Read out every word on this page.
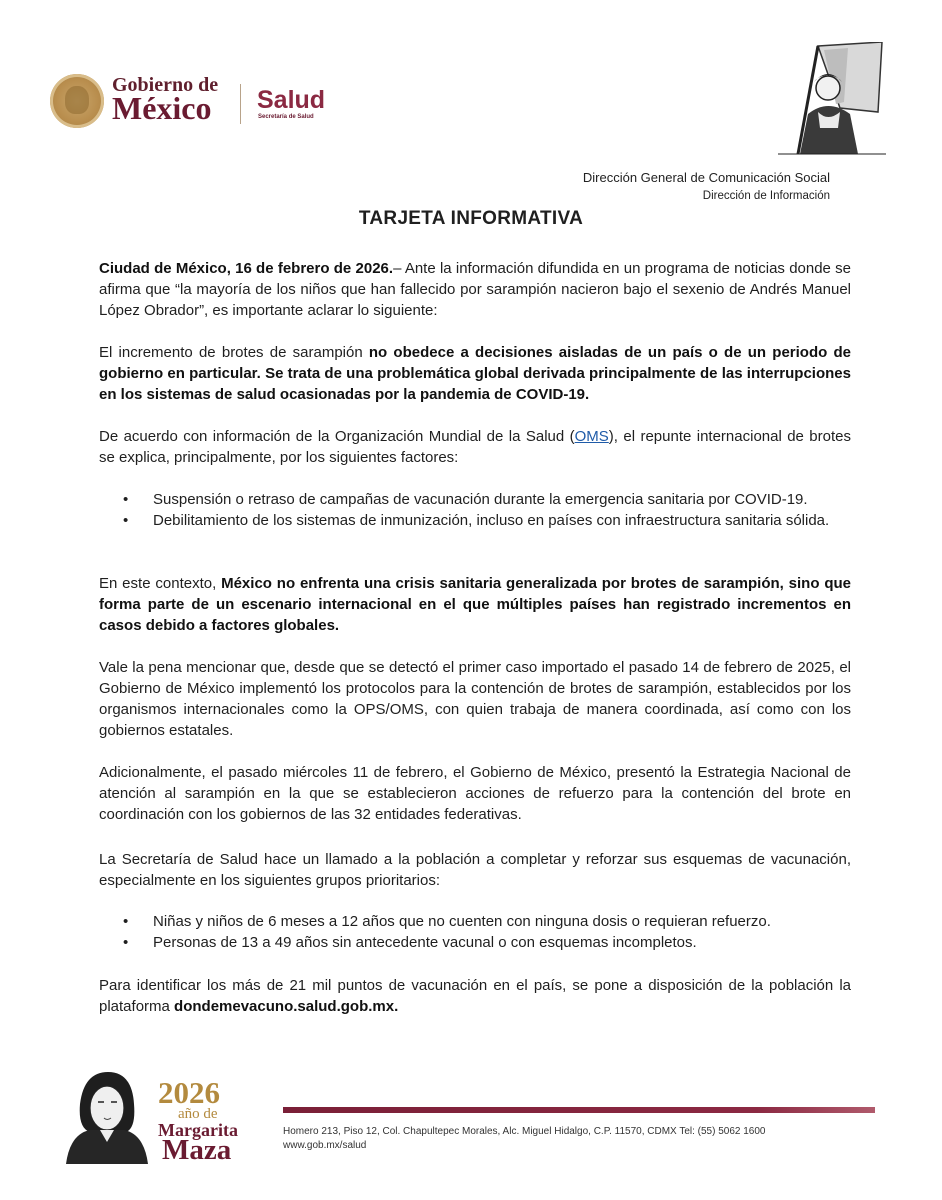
Gobierno de
México Salud
Secretaría de Salud
Dirección General de Comunicación Social
Dirección de Información
TARJETA INFORMATIVA

Ciudad de México, 16 de febrero de 2026.– Ante la información difundida en un programa de noticias donde se afirma que “la mayoría de los niños que han fallecido por sarampión nacieron bajo el sexenio de Andrés Manuel López Obrador”, es importante aclarar lo siguiente:

El incremento de brotes de sarampión no obedece a decisiones aisladas de un país o de un periodo de gobierno en particular. Se trata de una problemática global derivada principalmente de las interrupciones en los sistemas de salud ocasionadas por la pandemia de COVID-19.

De acuerdo con información de la Organización Mundial de la Salud (OMS), el repunte internacional de brotes se explica, principalmente, por los siguientes factores:

• Suspensión o retraso de campañas de vacunación durante la emergencia sanitaria por COVID-19.
• Debilitamiento de los sistemas de inmunización, incluso en países con infraestructura sanitaria sólida.

En este contexto, México no enfrenta una crisis sanitaria generalizada por brotes de sarampión, sino que forma parte de un escenario internacional en el que múltiples países han registrado incrementos en casos debido a factores globales.

Vale la pena mencionar que, desde que se detectó el primer caso importado el pasado 14 de febrero de 2025, el Gobierno de México implementó los protocolos para la contención de brotes de sarampión, establecidos por los organismos internacionales como la OPS/OMS, con quien trabaja de manera coordinada, así como con los gobiernos estatales.

Adicionalmente, el pasado miércoles 11 de febrero, el Gobierno de México, presentó la Estrategia Nacional de atención al sarampión en la que se establecieron acciones de refuerzo para la contención del brote en coordinación con los gobiernos de las 32 entidades federativas.

La Secretaría de Salud hace un llamado a la población a completar y reforzar sus esquemas de vacunación, especialmente en los siguientes grupos prioritarios:

• Niñas y niños de 6 meses a 12 años que no cuenten con ninguna dosis o requieran refuerzo.
• Personas de 13 a 49 años sin antecedente vacunal o con esquemas incompletos.

Para identificar los más de 21 mil puntos de vacunación en el país, se pone a disposición de la población la plataforma dondemevacuno.salud.gob.mx.

2026
año de
Margarita
Maza
Homero 213, Piso 12, Col. Chapultepec Morales, Alc. Miguel Hidalgo, C.P. 11570, CDMX Tel: (55) 5062 1600
www.gob.mx/salud
